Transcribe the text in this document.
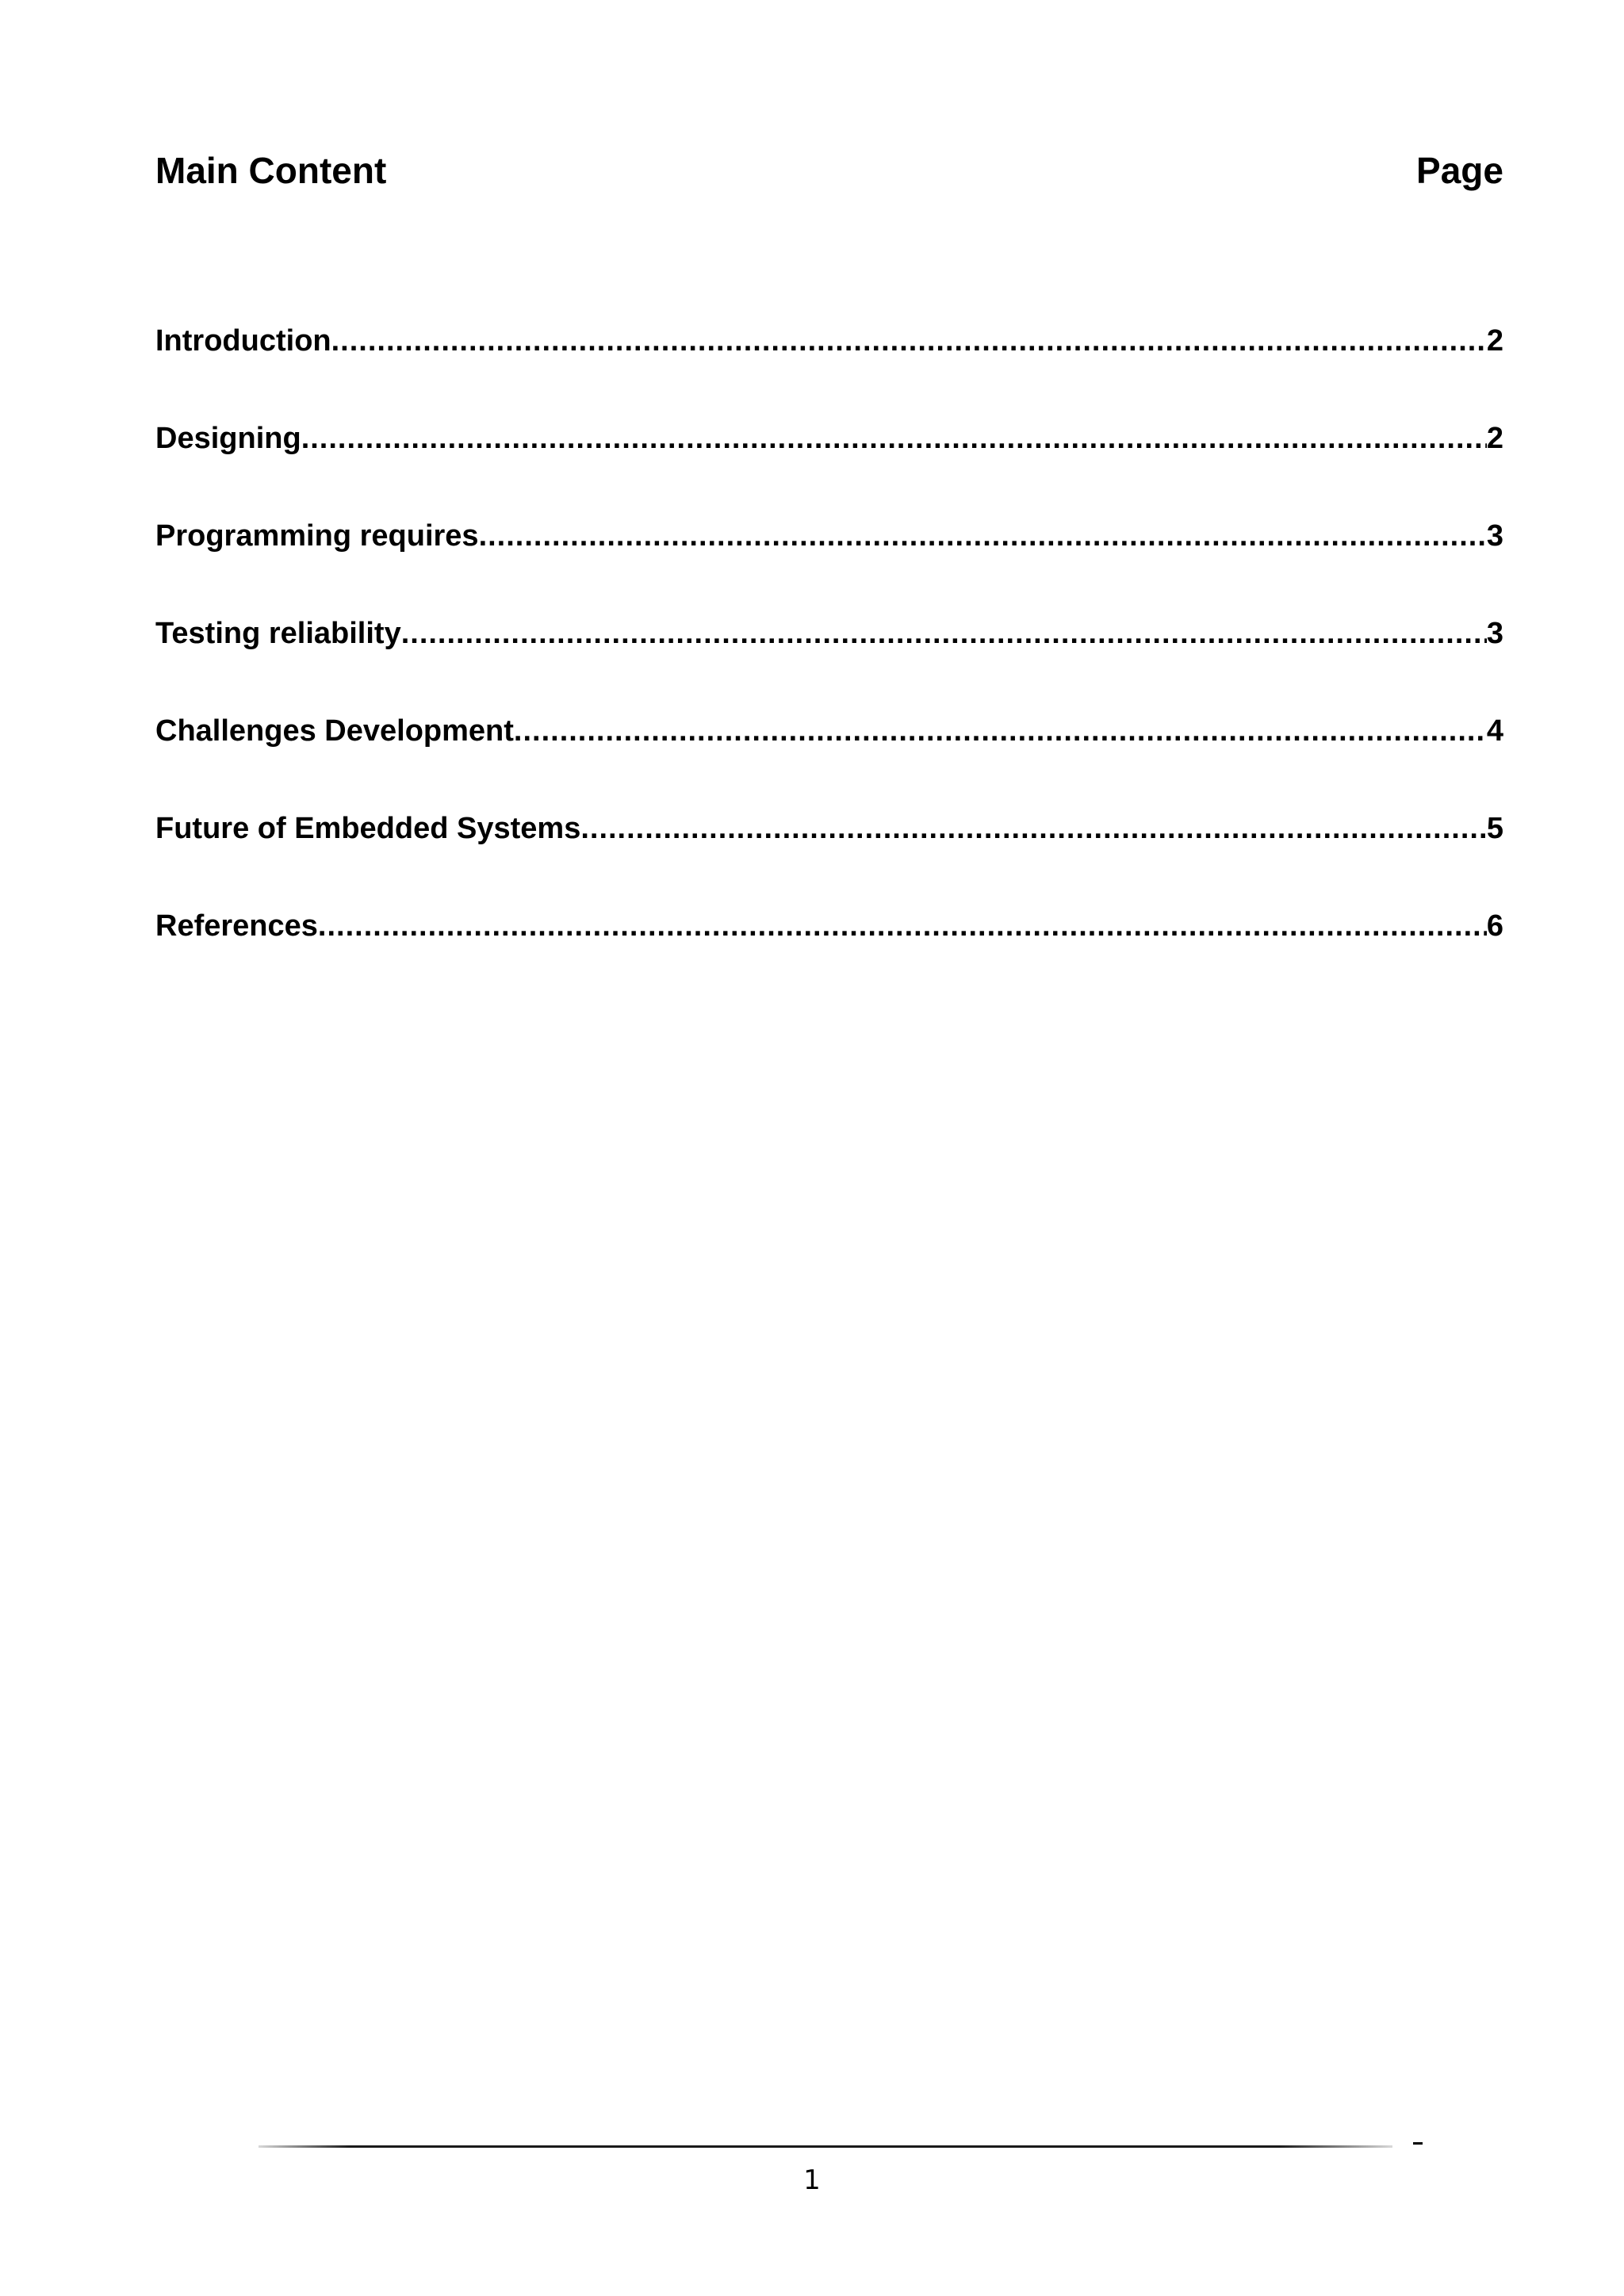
Main Content	Page
Introduction .....	2
Designing .....	2
Programming requires .....	3
Testing reliability .....	3
Challenges Development .....	4
Future of Embedded Systems .....	5
References .....	6
1
